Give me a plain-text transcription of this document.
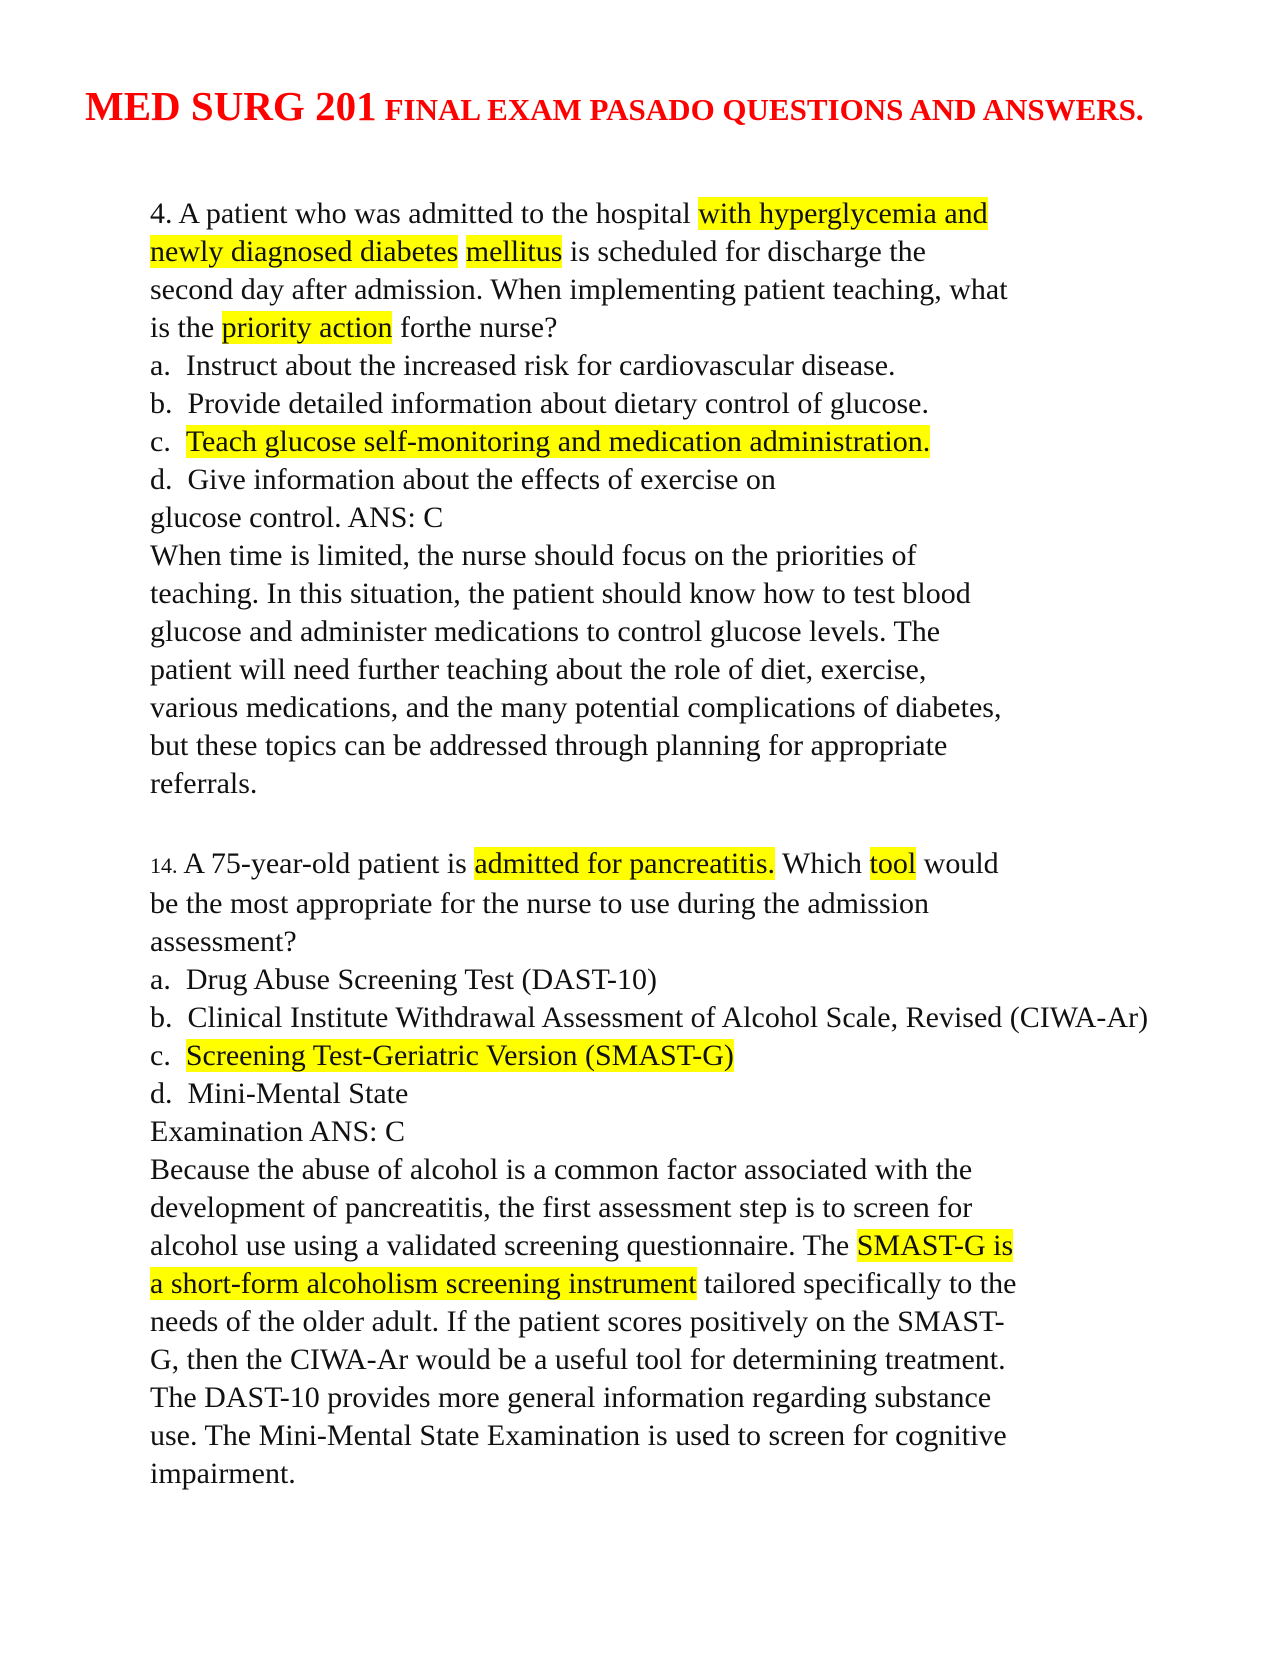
MED SURG 201 FINAL EXAM PASADO QUESTIONS AND ANSWERS.
4. A patient who was admitted to the hospital with hyperglycemia and
newly diagnosed diabetes mellitus is scheduled for discharge the
second day after admission. When implementing patient teaching, what
is the priority action forthe nurse?
a.  Instruct about the increased risk for cardiovascular disease.
b.  Provide detailed information about dietary control of glucose.
c.  Teach glucose self-monitoring and medication administration.
d.  Give information about the effects of exercise on
glucose control. ANS: C
When time is limited, the nurse should focus on the priorities of
teaching. In this situation, the patient should know how to test blood
glucose and administer medications to control glucose levels. The
patient will need further teaching about the role of diet, exercise,
various medications, and the many potential complications of diabetes,
but these topics can be addressed through planning for appropriate
referrals.
14. A 75-year-old patient is admitted for pancreatitis. Which tool would
be the most appropriate for the nurse to use during the admission
assessment?
a.  Drug Abuse Screening Test (DAST-10)
b.  Clinical Institute Withdrawal Assessment of Alcohol Scale, Revised (CIWA-Ar)
c.  Screening Test-Geriatric Version (SMAST-G)
d.  Mini-Mental State
Examination ANS: C
Because the abuse of alcohol is a common factor associated with the
development of pancreatitis, the first assessment step is to screen for
alcohol use using a validated screening questionnaire. The SMAST-G is
a short-form alcoholism screening instrument tailored specifically to the
needs of the older adult. If the patient scores positively on the SMAST-
G, then the CIWA-Ar would be a useful tool for determining treatment.
The DAST-10 provides more general information regarding substance
use. The Mini-Mental State Examination is used to screen for cognitive
impairment.
